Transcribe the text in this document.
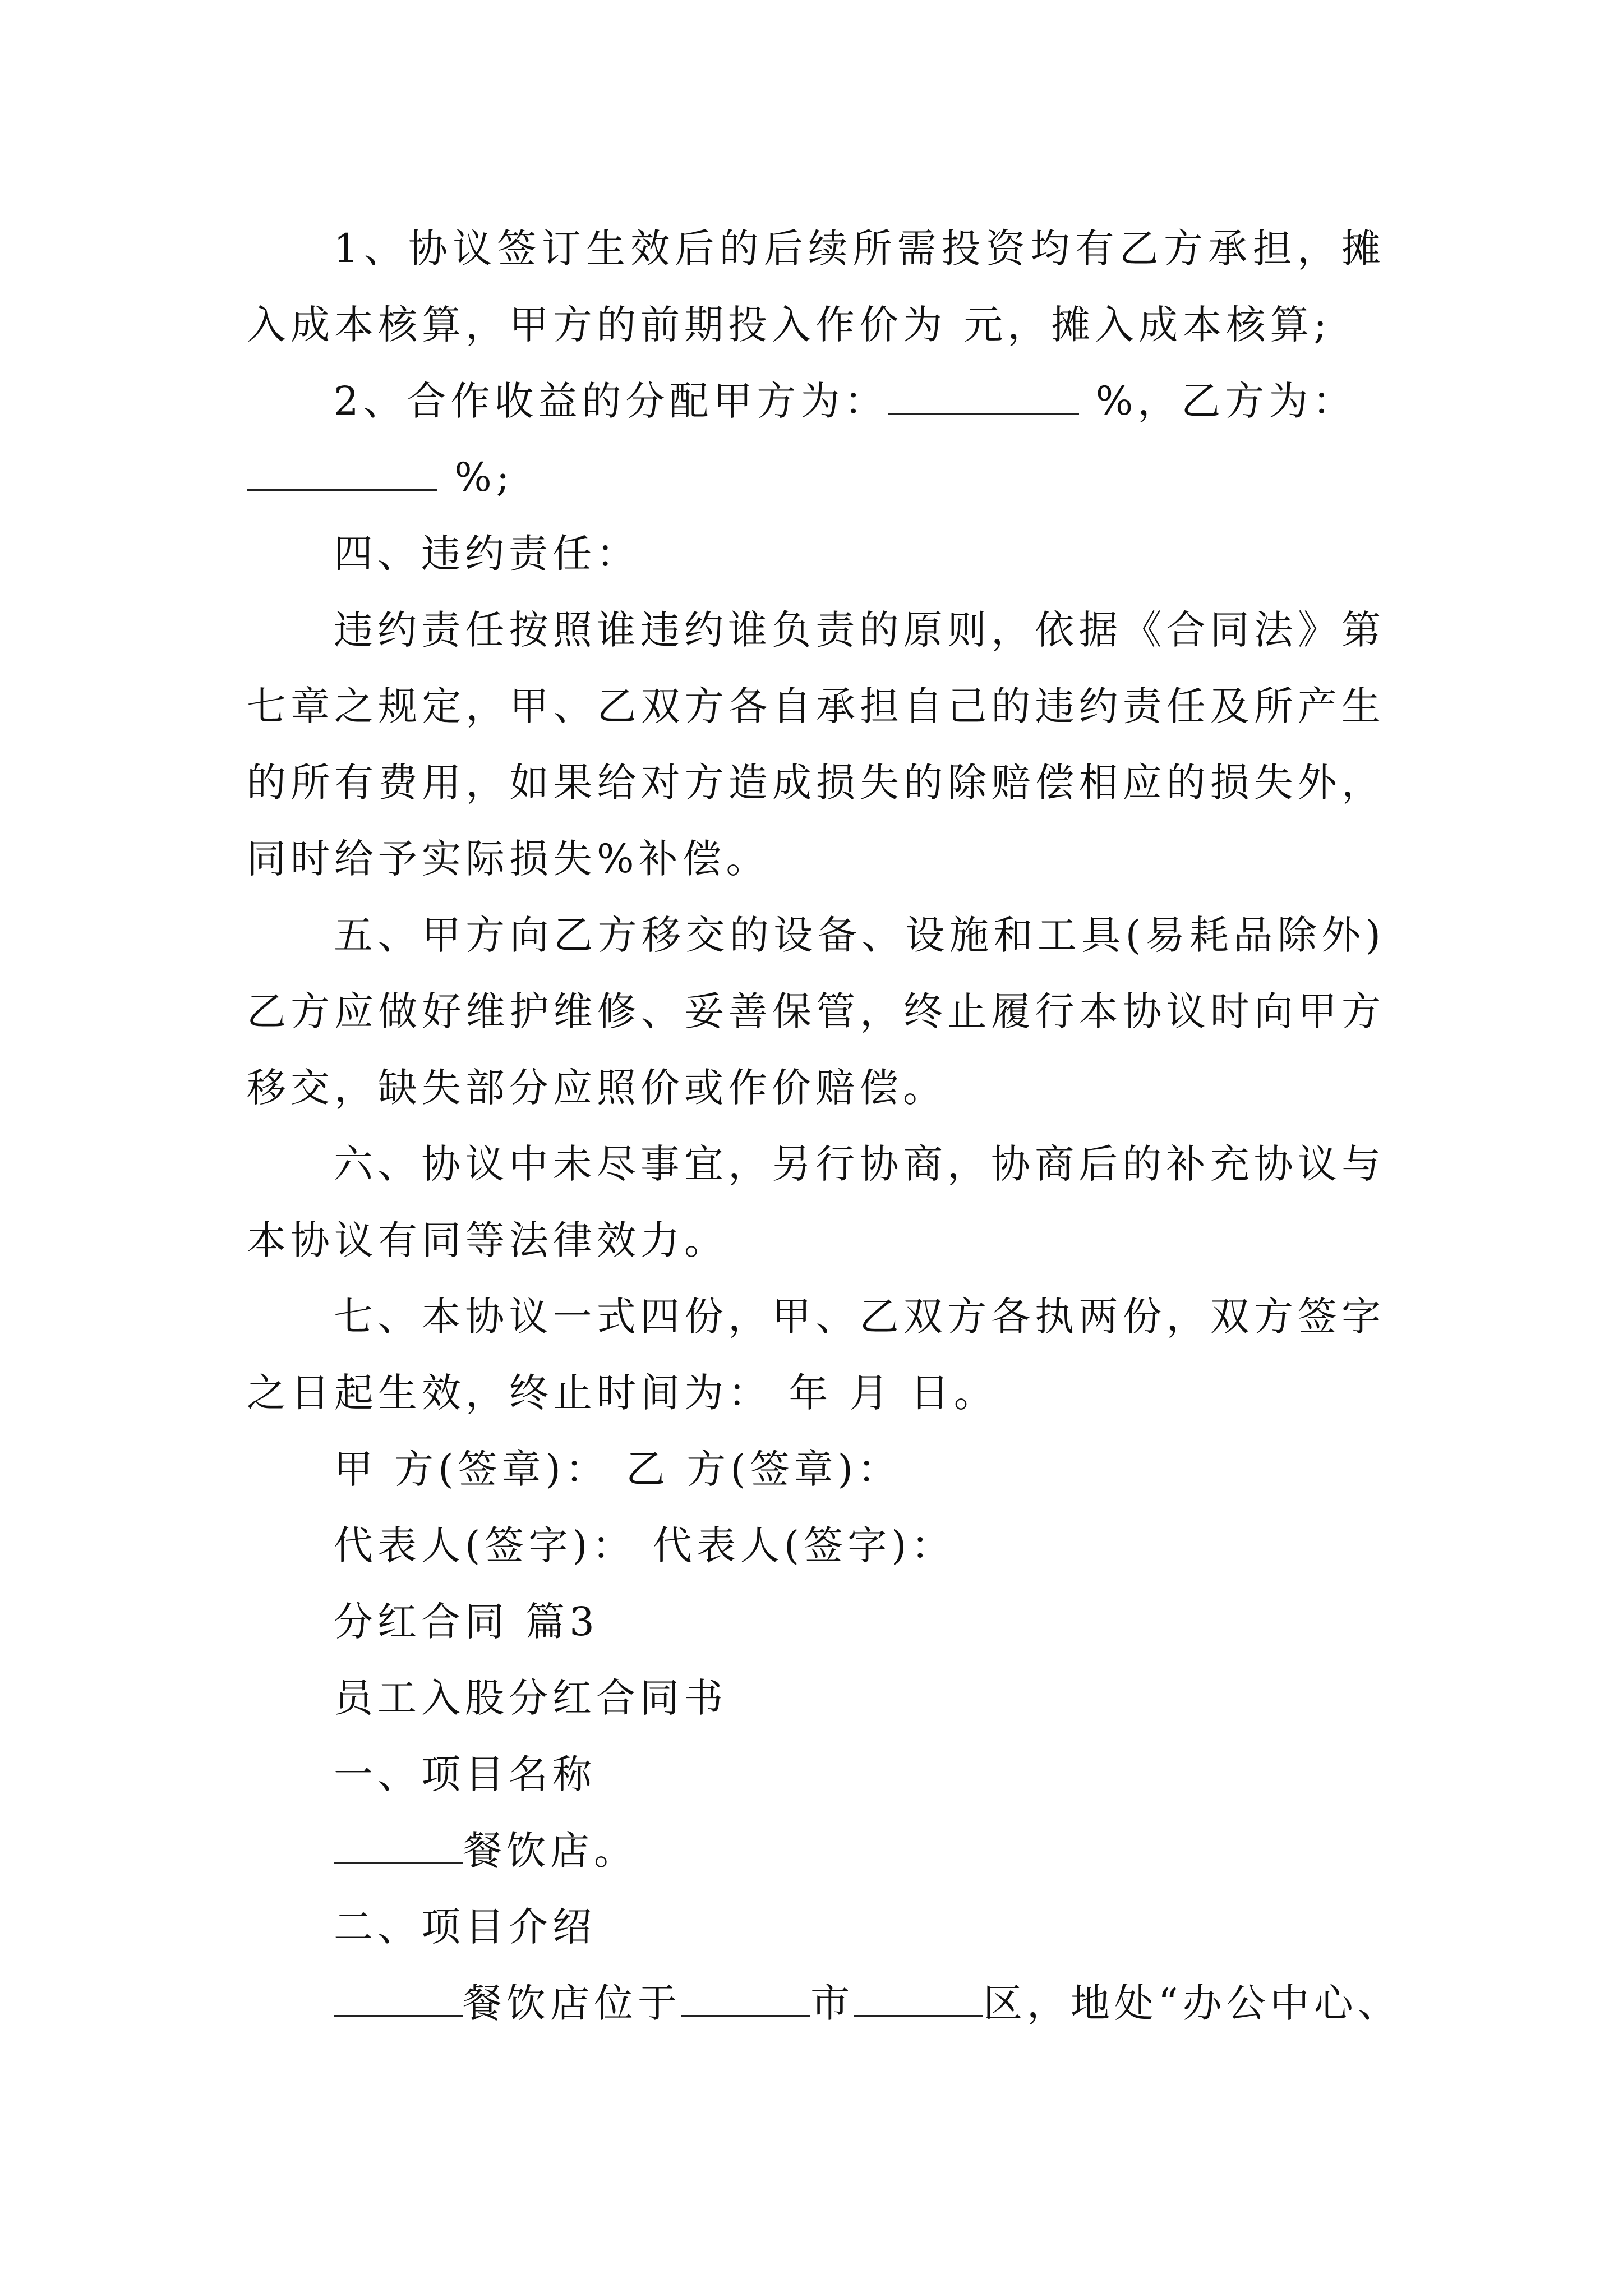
1、协议签订生效后的后续所需投资均有乙方承担，摊
入成本核算，甲方的前期投入作价为 元，摊入成本核算;
2、合作收益的分配甲方为：	%，乙方为：
%;
四、违约责任：
违约责任按照谁违约谁负责的原则，依据《合同法》第
七章之规定，甲、乙双方各自承担自己的违约责任及所产生
的所有费用，如果给对方造成损失的除赔偿相应的损失外，
同时给予实际损失%补偿。
五、甲方向乙方移交的设备、设施和工具(易耗品除外)
乙方应做好维护维修、妥善保管，终止履行本协议时向甲方
移交，缺失部分应照价或作价赔偿。
六、协议中未尽事宜，另行协商，协商后的补充协议与
本协议有同等法律效力。
七、本协议一式四份，甲、乙双方各执两份，双方签字
之日起生效，终止时间为： 年 月 日。
甲 方(签章)： 乙 方(签章)：
代表人(签字)： 代表人(签字)：
分红合同 篇3
员工入股分红合同书
一、项目名称
餐饮店。
二、项目介绍
餐饮店位于	市	区，地处“办公中心、
